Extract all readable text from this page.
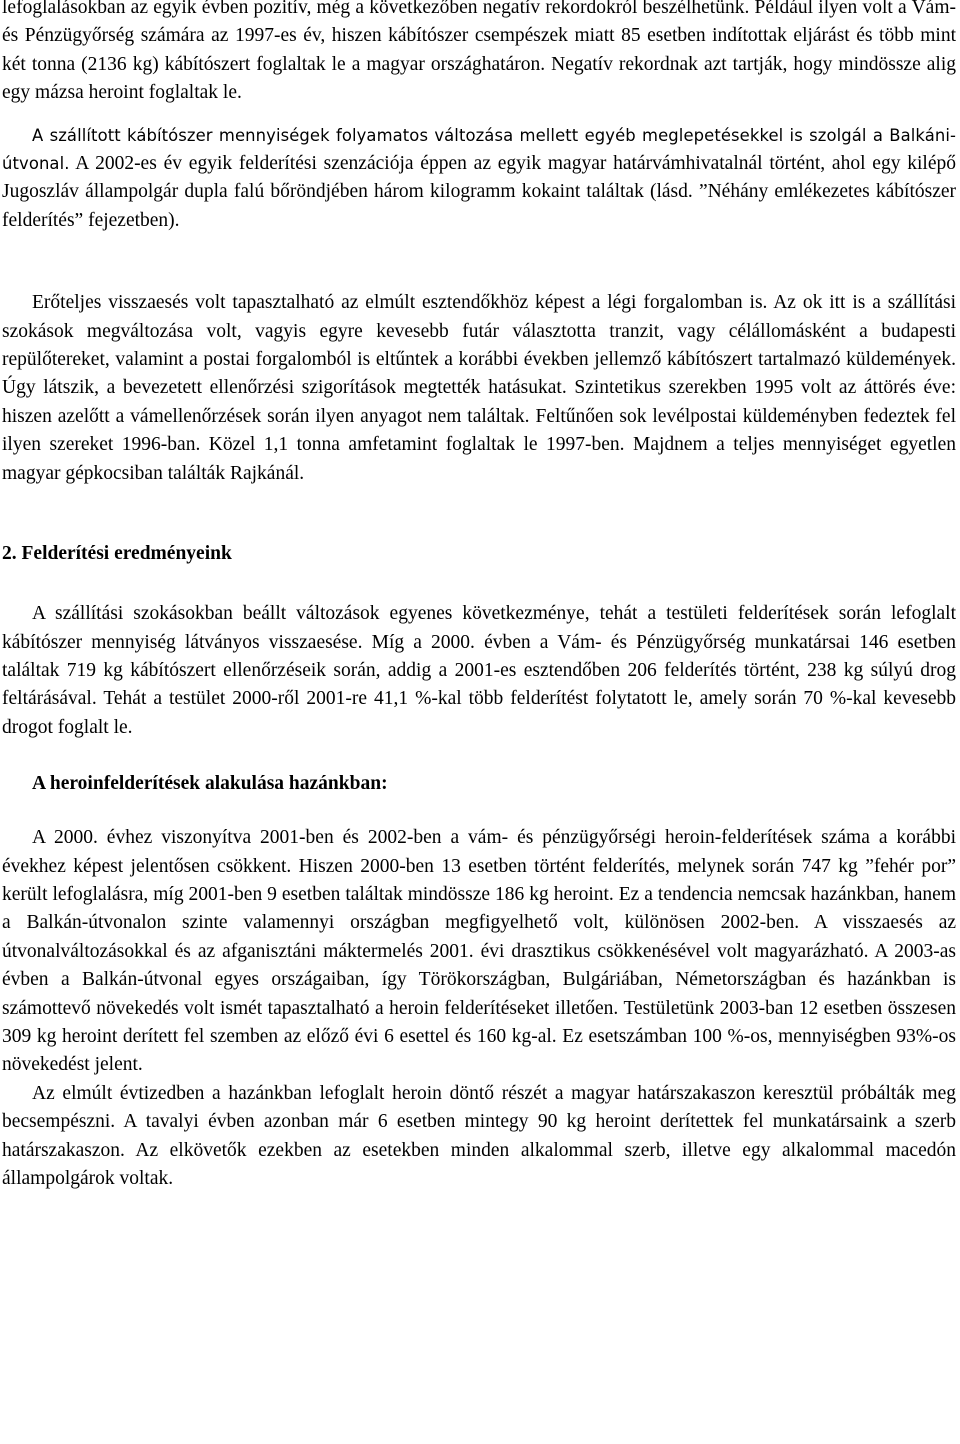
lefoglalásokban az egyik évben pozitív, még a következőben negatív rekordokról beszélhetünk. Például ilyen volt a Vám- és Pénzügyőrség számára az 1997-es év, hiszen kábítószer csempészek miatt 85 esetben indítottak eljárást és több mint két tonna (2136 kg) kábítószert foglaltak le a magyar országhatáron. Negatív rekordnak azt tartják, hogy mindössze alig egy mázsa heroint foglaltak le.

A szállított kábítószer mennyiségek folyamatos változása mellett egyéb meglepetésekkel is szolgál a Balkáni-útvonal. A 2002-es év egyik felderítési szenzációja éppen az egyik magyar határvámhivatalnál történt, ahol egy kilépő Jugoszláv állampolgár dupla falú bőröndjében három kilogramm kokaint találtak (lásd. ”Néhány emlékezetes kábítószer felderítés” fejezetben).

Erőteljes visszaesés volt tapasztalható az elmúlt esztendőkhöz képest a légi forgalomban is. Az ok itt is a szállítási szokások megváltozása volt, vagyis egyre kevesebb futár választotta tranzit, vagy célállomásként a budapesti repülőtereket, valamint a postai forgalomból is eltűntek a korábbi években jellemző kábítószert tartalmazó küldemények. Úgy látszik, a bevezetett ellenőrzési szigorítások megtették hatásukat. Szintetikus szerekben 1995 volt az áttörés éve: hiszen azelőtt a vámellenőrzések során ilyen anyagot nem találtak. Feltűnően sok levélpostai küldeményben fedeztek fel ilyen szereket 1996-ban. Közel 1,1 tonna amfetamint foglaltak le 1997-ben. Majdnem a teljes mennyiséget egyetlen magyar gépkocsiban találták Rajkánál.

2. Felderítési eredményeink

A szállítási szokásokban beállt változások egyenes következménye, tehát a testületi felderítések során lefoglalt kábítószer mennyiség látványos visszaesése. Míg a 2000. évben a Vám- és Pénzügyőrség munkatársai 146 esetben találtak 719 kg kábítószert ellenőrzéseik során, addig a 2001-es esztendőben 206 felderítés történt, 238 kg súlyú drog feltárásával. Tehát a testület 2000-ről 2001-re 41,1 %-kal több felderítést folytatott le, amely során 70 %-kal kevesebb drogot foglalt le.

A heroinfelderítések alakulása hazánkban:

A 2000. évhez viszonyítva 2001-ben és 2002-ben a vám- és pénzügyőrségi heroin-felderítések száma a korábbi évekhez képest jelentősen csökkent. Hiszen 2000-ben 13 esetben történt felderítés, melynek során 747 kg ”fehér por” került lefoglalásra, míg 2001-ben 9 esetben találtak mindössze 186 kg heroint. Ez a tendencia nemcsak hazánkban, hanem a Balkán-útvonalon szinte valamennyi országban megfigyelhető volt, különösen 2002-ben. A visszaesés az útvonalváltozásokkal és az afganisztáni máktermelés 2001. évi drasztikus csökkenésével volt magyarázható. A 2003-as évben a Balkán-útvonal egyes országaiban, így Törökországban, Bulgáriában, Németországban és hazánkban is számottevő növekedés volt ismét tapasztalható a heroin felderítéseket illetően. Testületünk 2003-ban 12 esetben összesen 309 kg heroint derített fel szemben az előző évi 6 esettel és 160 kg-al. Ez esetszámban 100 %-os, mennyiségben 93%-os növekedést jelent.

Az elmúlt évtizedben a hazánkban lefoglalt heroin döntő részét a magyar határszakaszon keresztül próbálták meg becsempészni. A tavalyi évben azonban már 6 esetben mintegy 90 kg heroint derítettek fel munkatársaink a szerb határszakaszon. Az elkövetők ezekben az esetekben minden alkalommal szerb, illetve egy alkalommal macedón állampolgárok voltak.
